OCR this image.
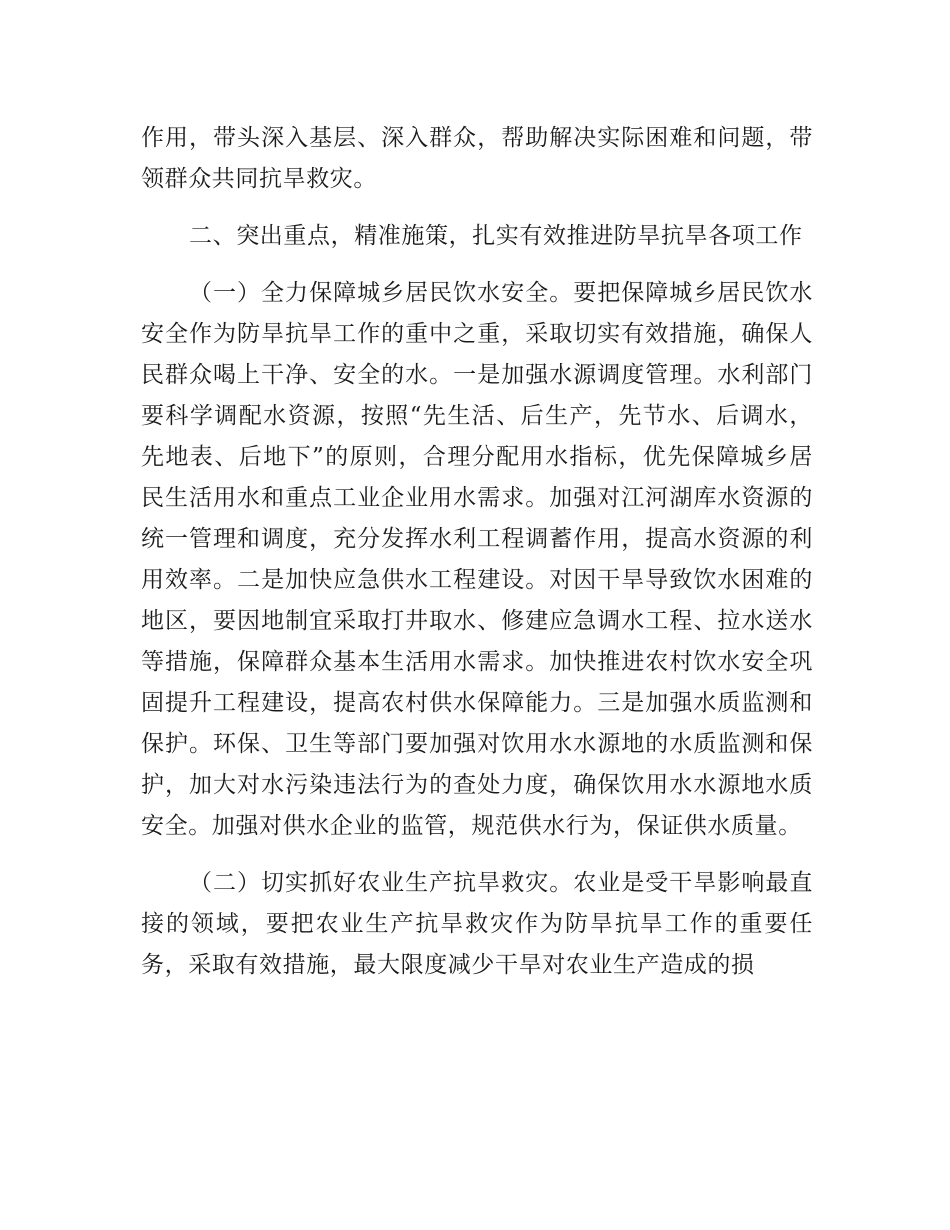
作用，带头深入基层、深入群众，帮助解决实际困难和问题，带领群众共同抗旱救灾。

二、突出重点，精准施策，扎实有效推进防旱抗旱各项工作

（一）全力保障城乡居民饮水安全。要把保障城乡居民饮水安全作为防旱抗旱工作的重中之重，采取切实有效措施，确保人民群众喝上干净、安全的水。一是加强水源调度管理。水利部门要科学调配水资源，按照“先生活、后生产，先节水、后调水，先地表、后地下”的原则，合理分配用水指标，优先保障城乡居民生活用水和重点工业企业用水需求。加强对江河湖库水资源的统一管理和调度，充分发挥水利工程调蓄作用，提高水资源的利用效率。二是加快应急供水工程建设。对因干旱导致饮水困难的地区，要因地制宜采取打井取水、修建应急调水工程、拉水送水等措施，保障群众基本生活用水需求。加快推进农村饮水安全巩固提升工程建设，提高农村供水保障能力。三是加强水质监测和保护。环保、卫生等部门要加强对饮用水水源地的水质监测和保护，加大对水污染违法行为的查处力度，确保饮用水水源地水质安全。加强对供水企业的监管，规范供水行为，保证供水质量。

（二）切实抓好农业生产抗旱救灾。农业是受干旱影响最直接的领域，要把农业生产抗旱救灾作为防旱抗旱工作的重要任务，采取有效措施，最大限度减少干旱对农业生产造成的损
